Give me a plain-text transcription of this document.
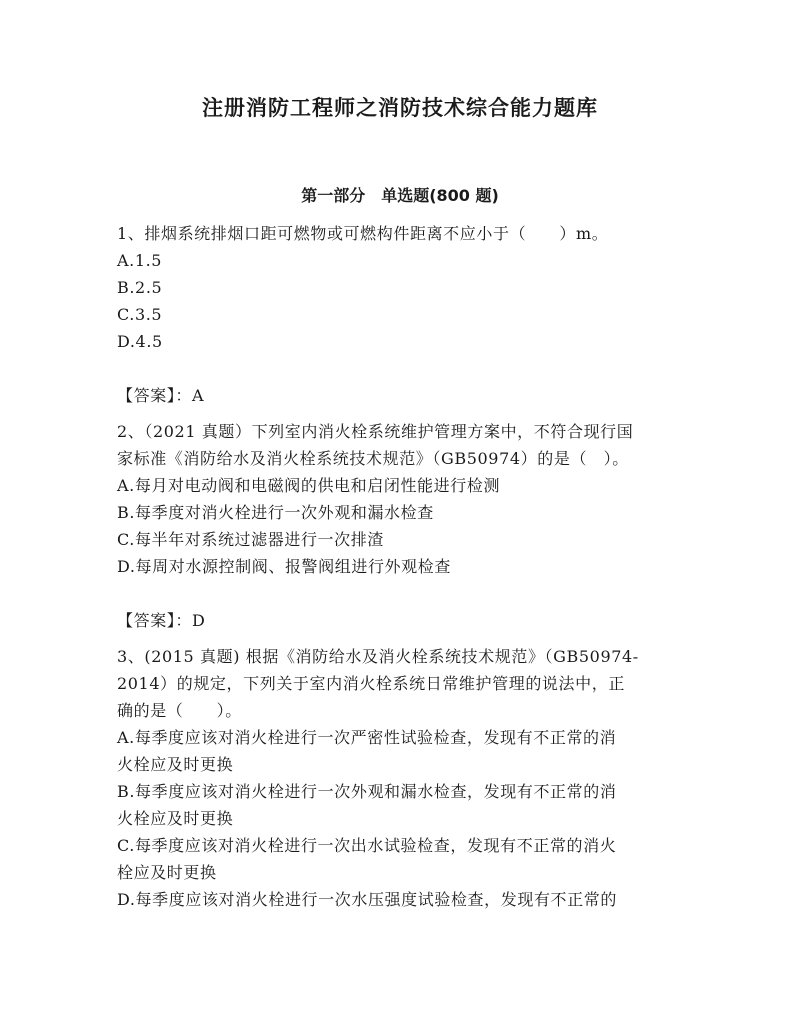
注册消防工程师之消防技术综合能力题库
第一部分　单选题(800 题)

1、排烟系统排烟口距可燃物或可燃构件距离不应小于（　　）m。

A.1.5

B.2.5

C.3.5

D.4.5

【答案】：A

2、（2021 真题）下列室内消火栓系统维护管理方案中，不符合现行国

家标准《消防给水及消火栓系统技术规范》（GB50974）的是（　）。

A.每月对电动阀和电磁阀的供电和启闭性能进行检测

B.每季度对消火栓进行一次外观和漏水检查

C.每半年对系统过滤器进行一次排渣

D.每周对水源控制阀、报警阀组进行外观检查

【答案】：D

3、(2015 真题) 根据《消防给水及消火栓系统技术规范》（GB50974-

2014）的规定，下列关于室内消火栓系统日常维护管理的说法中，正

确的是（　　）。

A.每季度应该对消火栓进行一次严密性试验检查，发现有不正常的消

火栓应及时更换

B.每季度应该对消火栓进行一次外观和漏水检查，发现有不正常的消

火栓应及时更换

C.每季度应该对消火栓进行一次出水试验检查，发现有不正常的消火

栓应及时更换

D.每季度应该对消火栓进行一次水压强度试验检查，发现有不正常的
